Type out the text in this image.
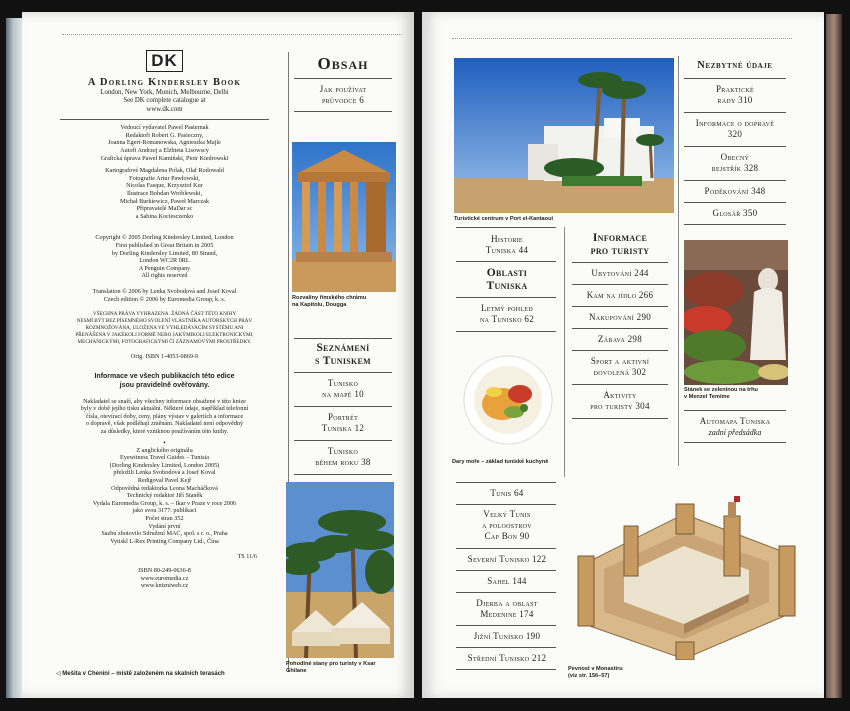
DK
A Dorling Kindersley Book
London, New York, Munich, Melbourne, Delhi
See DK complete catalogue at
www.dk.com
Vedoucí vydavatel Pawel Pasternak
Redaktoři Robert G. Pasieczny,
Joanna Egert-Romanowska, Agnieszka Majle
Autoři Andrzej a Elżbieta Lisowscy
Grafická úprava Paweł Kamiński, Piotr Kiedrowski
Kartografové Magdalena Polak, Olaf Rodowald
Fotografie Artur Pawłowski,
Nicolas Fasque, Krzysztof Kur
Ilustrace Bohdan Wróblewski,
Michał Burkiewicz, Paweł Marczak
Připravatelé MaDar sc
a Sabina Kociesczenko
Copyright © 2005 Dorling Kindersley Limited, London
First published in Great Britain in 2005
by Dorling Kindersley Limited, 80 Strand,
London WC2R 0RL
A Penguin Company
All rights reserved
Translation © 2006 by Lenka Svobodová and Josef Koval
Czech edition © 2006 by Euromedia Group, k. s.
VŠECHNA PRÁVA VYHRAZENA. ŽÁDNÁ ČÁST TÉTO KNIHY
NESMÍ BÝT BEZ PÍSEMNÉHO SVOLENÍ VLASTNÍKA AUTORSKÝCH PRÁV
ROZMNOŽOVÁNA, ULOŽENA VE VYHLEDÁVACÍM SYSTÉMU ANI
PŘENÁŠENA V JAKÉKOLI FORMĚ NEBO JAKÝMIKOLI ELEKTRONICKÝMI,
MECHANICKÝMI, FOTOGRAFICKÝMI ČI ZÁZNAMOVÝMI PROSTŘEDKY.
Orig. ISBN 1-4053-0869-9
Informace ve všech publikacích této edice
jsou pravidelně ověřovány.
Nakladatel se snaží, aby všechny informace obsažené v této knize
byly v době jejího tisku aktuální. Některé údaje, například telefonní
čísla, otevírací doby, ceny, plány výstav v galeriích a informace
o dopravě, však podléhají změnám. Nakladatel není odpovědný
za důsledky, které vzniknou používáním této knihy.
•
Z anglického originálu
Eyewitness Travel Guides – Tunisia
(Dorling Kindersley Limited, London 2005)
přeložili Lenka Svobodová a Josef Koval
Redigoval Pavel Kejř
Odpovědná redaktorka Leona Macháčková
Technický redaktor Jiří Staněk
Vydala Euromedia Group, k. s. – Ikar v Praze v roce 2006
jako svou 3177. publikaci
Počet stran 352
Vydání první
Sazbu zhotovilo Sdružení MAC, spol. s r. o., Praha
Vytiskl L-Rex Printing Company Ltd., Čína
TS 11/6
ISBN 80-249-0636-8
www.euromedia.cz
www.knizniweb.cz
◁ Mešita v Chenini – místě založeném na skalních terasách
Obsah
Jak používat
průvodce 6
Rozvaliny římského chrámu
na Kapitolu, Dougga
Seznámení
s Tuniskem
Tunisko
na mapě 10
Portrét
Tuniska 12
Tunisko
během roku 38
Pohodlné stany pro turisty v Ksar
Ghilane
Turistické centrum v Port el-Kantaoui
Historie
Tuniska 44
Oblasti
Tuniska
Letmý pohled
na Tunisko 62
Dary moře – základ tuniské kuchyně
Tunis 64
Velký Tunis
a poloostrov
Cap Bon 90
Severní Tunisko 122
Sahel 144
Djerba a oblast
Medenine 174
Jižní Tunisko 190
Střední Tunisko 212
Informace
pro turisty
Ubytování 244
Kam na jídlo 266
Nakupování 290
Zábava 298
Sport a aktivní
dovolená 302
Aktivity
pro turisty 304
Nezbytné údaje
Praktické
rady 310
Informace o dopravě
320
Obecný
rejstřík 328
Poděkování 348
Glosář 350
Stánek se zeleninou na trhu
v Menzel Temime
Automapa Tuniska
zadní předsádka
Pevnost v Monastiru
(viz str. 156–57)
